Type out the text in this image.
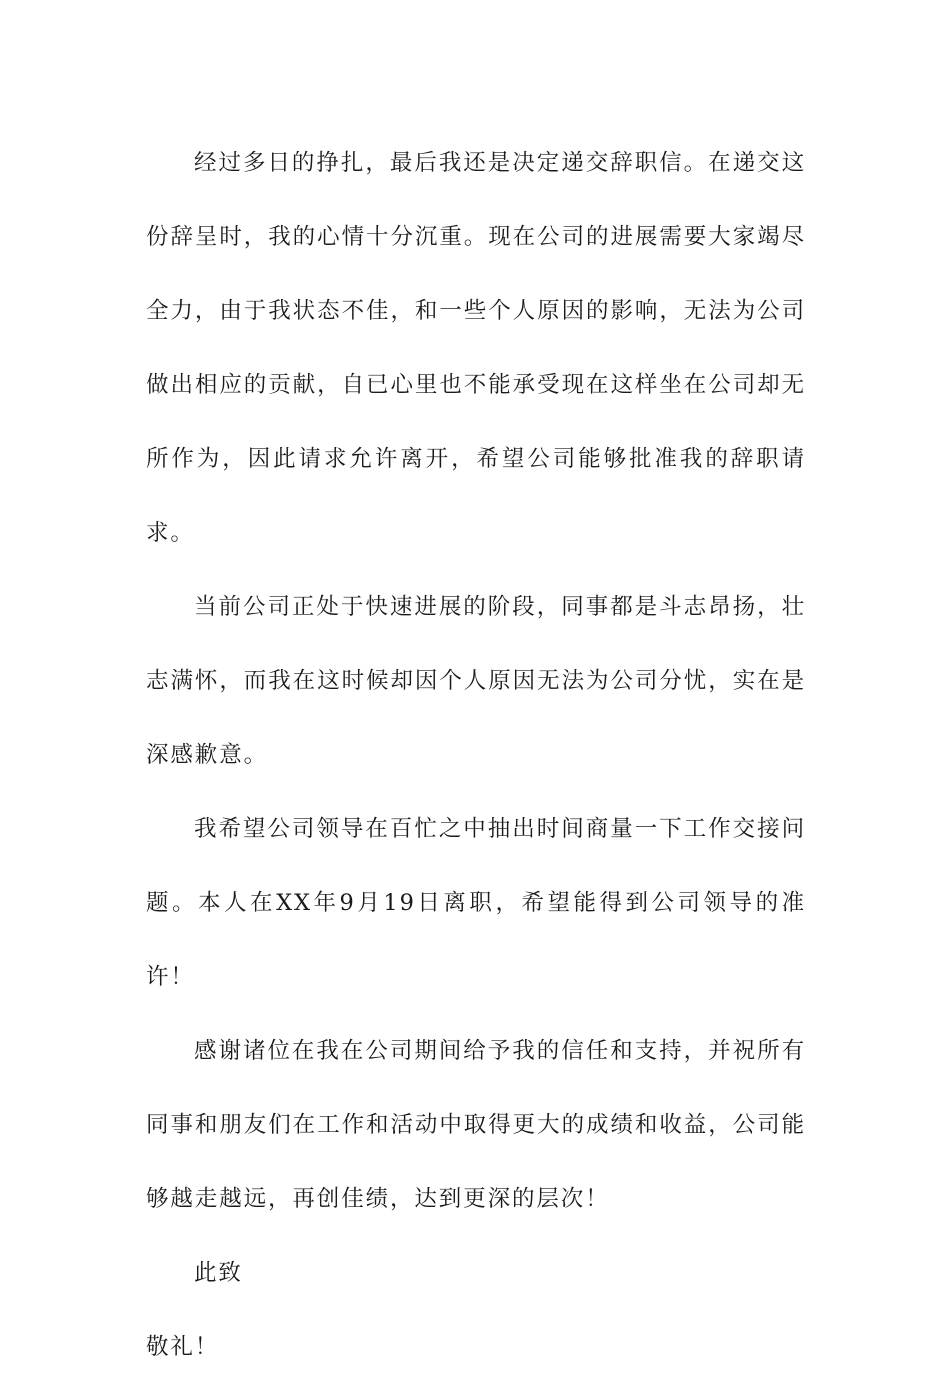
经过多日的挣扎，最后我还是决定递交辞职信。在递交这份辞呈时，我的心情十分沉重。现在公司的进展需要大家竭尽全力，由于我状态不佳，和一些个人原因的影响，无法为公司做出相应的贡献，自已心里也不能承受现在这样坐在公司却无所作为，因此请求允许离开，希望公司能够批准我的辞职请求。

当前公司正处于快速进展的阶段，同事都是斗志昂扬，壮志满怀，而我在这时候却因个人原因无法为公司分忧，实在是深感歉意。

我希望公司领导在百忙之中抽出时间商量一下工作交接问题。本人在XX年9月19日离职，希望能得到公司领导的准许！

感谢诸位在我在公司期间给予我的信任和支持，并祝所有同事和朋友们在工作和活动中取得更大的成绩和收益，公司能够越走越远，再创佳绩，达到更深的层次！

此致

敬礼！
